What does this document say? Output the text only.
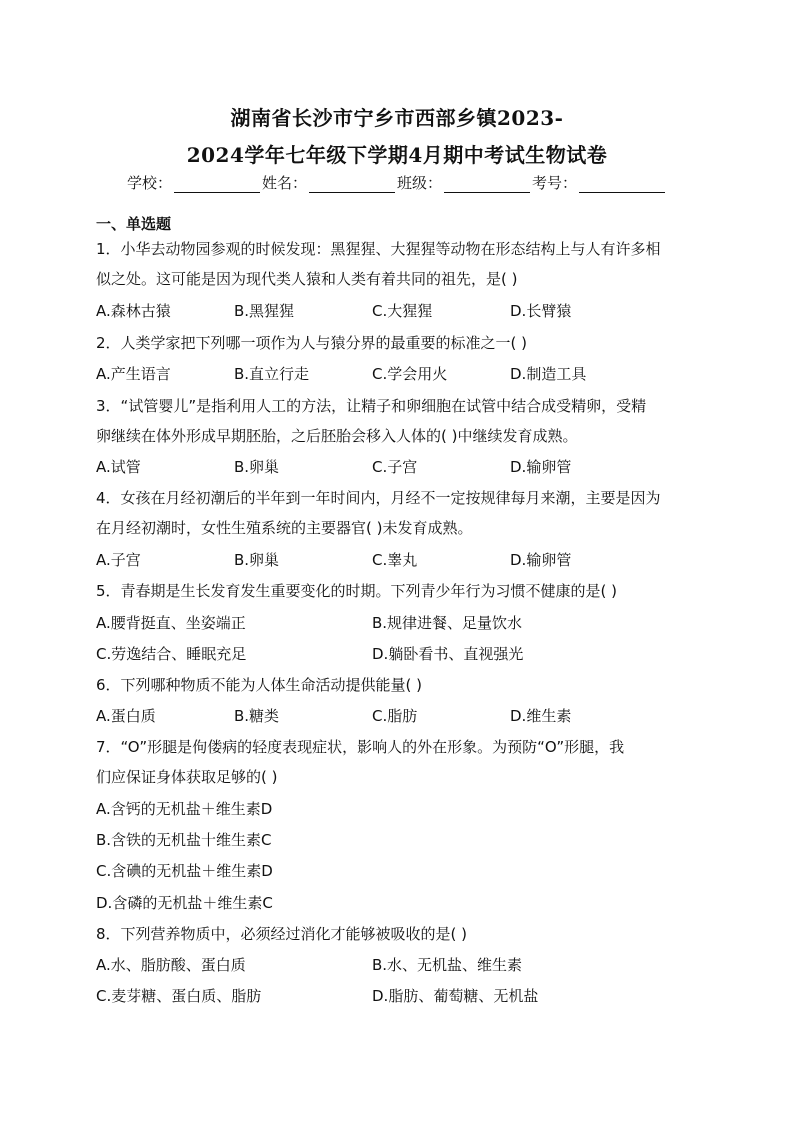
湖南省长沙市宁乡市西部乡镇2023-
2024学年七年级下学期4月期中考试生物试卷
学校：	姓名：	班级：	考号：
一、单选题
1．小华去动物园参观的时候发现：黑猩猩、大猩猩等动物在形态结构上与人有许多相
似之处。这可能是因为现代类人猿和人类有着共同的祖先，是( )
A.森林古猿	B.黑猩猩	C.大猩猩	D.长臂猿
2．人类学家把下列哪一项作为人与猿分界的最重要的标准之一( )
A.产生语言	B.直立行走	C.学会用火	D.制造工具
3．“试管婴儿”是指利用人工的方法，让精子和卵细胞在试管中结合成受精卵，受精
卵继续在体外形成早期胚胎，之后胚胎会移入人体的( )中继续发育成熟。
A.试管	B.卵巢	C.子宫	D.输卵管
4．女孩在月经初潮后的半年到一年时间内，月经不一定按规律每月来潮，主要是因为
在月经初潮时，女性生殖系统的主要器官( )未发育成熟。
A.子宫	B.卵巢	C.睾丸	D.输卵管
5．青春期是生长发育发生重要变化的时期。下列青少年行为习惯不健康的是( )
A.腰背挺直、坐姿端正	B.规律进餐、足量饮水
C.劳逸结合、睡眠充足	D.躺卧看书、直视强光
6．下列哪种物质不能为人体生命活动提供能量( )
A.蛋白质	B.糖类	C.脂肪	D.维生素
7．“O”形腿是佝偻病的轻度表现症状，影响人的外在形象。为预防“O”形腿，我
们应保证身体获取足够的( )
A.含钙的无机盐＋维生素D
B.含铁的无机盐十维生素C
C.含碘的无机盐＋维生素D
D.含磷的无机盐＋维生素C
8．下列营养物质中，必须经过消化才能够被吸收的是( )
A.水、脂肪酸、蛋白质	B.水、无机盐、维生素
C.麦芽糖、蛋白质、脂肪	D.脂肪、葡萄糖、无机盐
